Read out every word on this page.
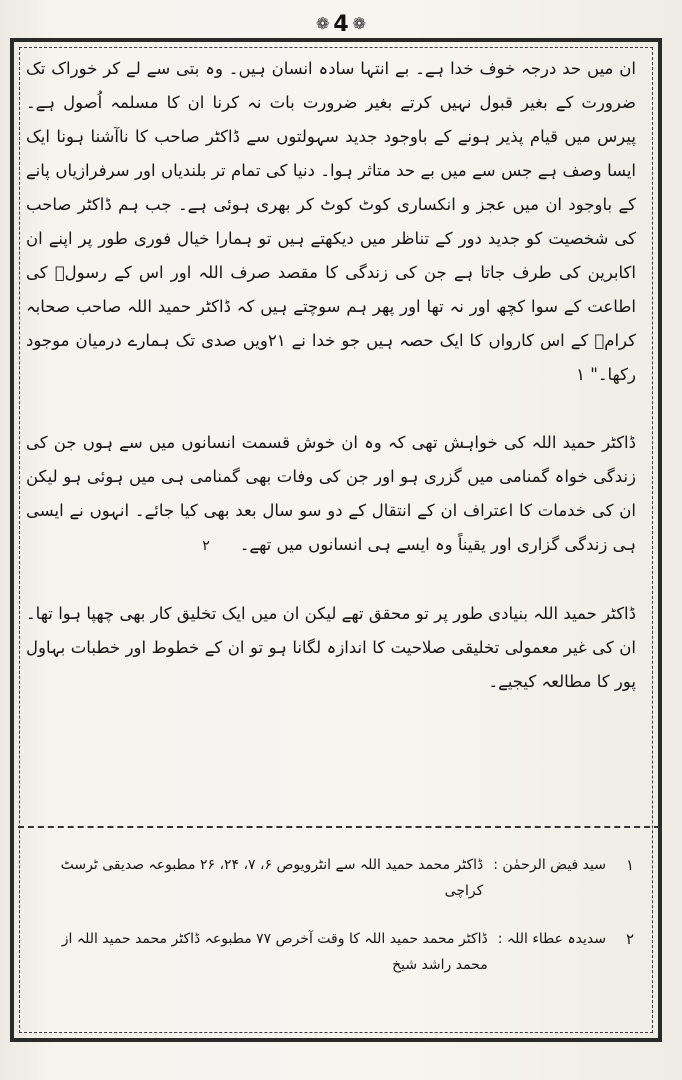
❁ 4 ❁

ان میں حد درجہ خوف خدا ہے۔ بے انتہا سادہ انسان ہیں۔ وہ بتی سے لے کر خوراک تک ضرورت کے بغیر قبول نہیں کرتے بغیر ضرورت بات نہ کرنا ان کا مسلمہ اُصول ہے۔ پیرس میں قیام پذیر ہونے کے باوجود جدید سہولتوں سے ڈاکٹر صاحب کا ناآشنا ہونا ایک ایسا وصف ہے جس سے میں بے حد متاثر ہوا۔ دنیا کی تمام تر بلندیاں اور سرفرازیاں پانے کے باوجود ان میں عجز و انکساری کوٹ کوٹ کر بھری ہوئی ہے۔ جب ہم ڈاکٹر صاحب کی شخصیت کو جدید دور کے تناظر میں دیکھتے ہیں تو ہمارا خیال فوری طور پر اپنے ان اکابرین کی طرف جاتا ہے جن کی زندگی کا مقصد صرف اللہ اور اس کے رسولؐ کی اطاعت کے سوا کچھ اور نہ تھا اور پھر ہم سوچتے ہیں کہ ڈاکٹر حمید اللہ صاحب صحابہ کرامؓ کے اس کارواں کا ایک حصہ ہیں جو خدا نے ۲۱ویں صدی تک ہمارے درمیان موجود رکھا۔" ۱

ڈاکٹر حمید اللہ کی خواہش تھی کہ وہ ان خوش قسمت انسانوں میں سے ہوں جن کی زندگی خواہ گمنامی میں گزری ہو اور جن کی وفات بھی گمنامی ہی میں ہوئی ہو لیکن ان کی خدمات کا اعتراف ان کے انتقال کے دو سو سال بعد بھی کیا جائے۔ انہوں نے ایسی ہی زندگی گزاری اور یقیناً وہ ایسے ہی انسانوں میں تھے۔۲

ڈاکٹر حمید اللہ بنیادی طور پر تو محقق تھے لیکن ان میں ایک تخلیق کار بھی چھپا ہوا تھا۔ ان کی غیر معمولی تخلیقی صلاحیت کا اندازہ لگانا ہو تو ان کے خطوط اور خطبات بہاول پور کا مطالعہ کیجیے۔

۱
سید فیض الرحمٰن :
ڈاکٹر محمد حمید اللہ سے انٹرویوص ۶، ۷، ۲۴، ۲۶ مطبوعہ صدیقی ٹرسٹ کراچی
۲
سدیدہ عطاء اللہ :
ڈاکٹر محمد حمید اللہ کا وقت آخرص ۷۷ مطبوعہ ڈاکٹر محمد حمید اللہ از محمد راشد شیخ
